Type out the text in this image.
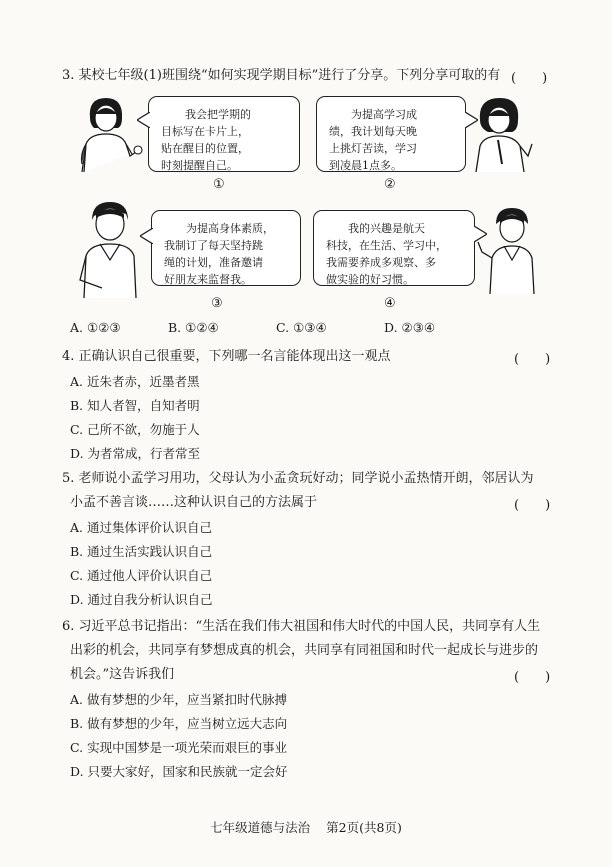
3. 某校七年级(1)班围绕“如何实现学期目标”进行了分享。下列分享可取的有 (　　)
我会把学期的
目标写在卡片上，
贴在醒目的位置，
时刻提醒自己。
①
为提高学习成
绩，我计划每天晚
上挑灯苦读，学习
到凌晨1点多。
②
为提高身体素质，
我制订了每天坚持跳
绳的计划，准备邀请
好朋友来监督我。
③
我的兴趣是航天
科技，在生活、学习中，
我需要养成多观察、多
做实验的好习惯。
④
A. ①②③	B. ①②④	C. ①③④	D. ②③④
4. 正确认识自己很重要，下列哪一名言能体现出这一观点	(　　)
A. 近朱者赤，近墨者黑
B. 知人者智，自知者明
C. 己所不欲，勿施于人
D. 为者常成，行者常至
5. 老师说小孟学习用功，父母认为小孟贪玩好动；同学说小孟热情开朗，邻居认为
小孟不善言谈……这种认识自己的方法属于	(　　)
A. 通过集体评价认识自己
B. 通过生活实践认识自己
C. 通过他人评价认识自己
D. 通过自我分析认识自己
6. 习近平总书记指出：“生活在我们伟大祖国和伟大时代的中国人民，共同享有人生
出彩的机会，共同享有梦想成真的机会，共同享有同祖国和时代一起成长与进步的
机会。”这告诉我们	(　　)
A. 做有梦想的少年，应当紧扣时代脉搏
B. 做有梦想的少年，应当树立远大志向
C. 实现中国梦是一项光荣而艰巨的事业
D. 只要大家好，国家和民族就一定会好
七年级道德与法治 第2页(共8页)
